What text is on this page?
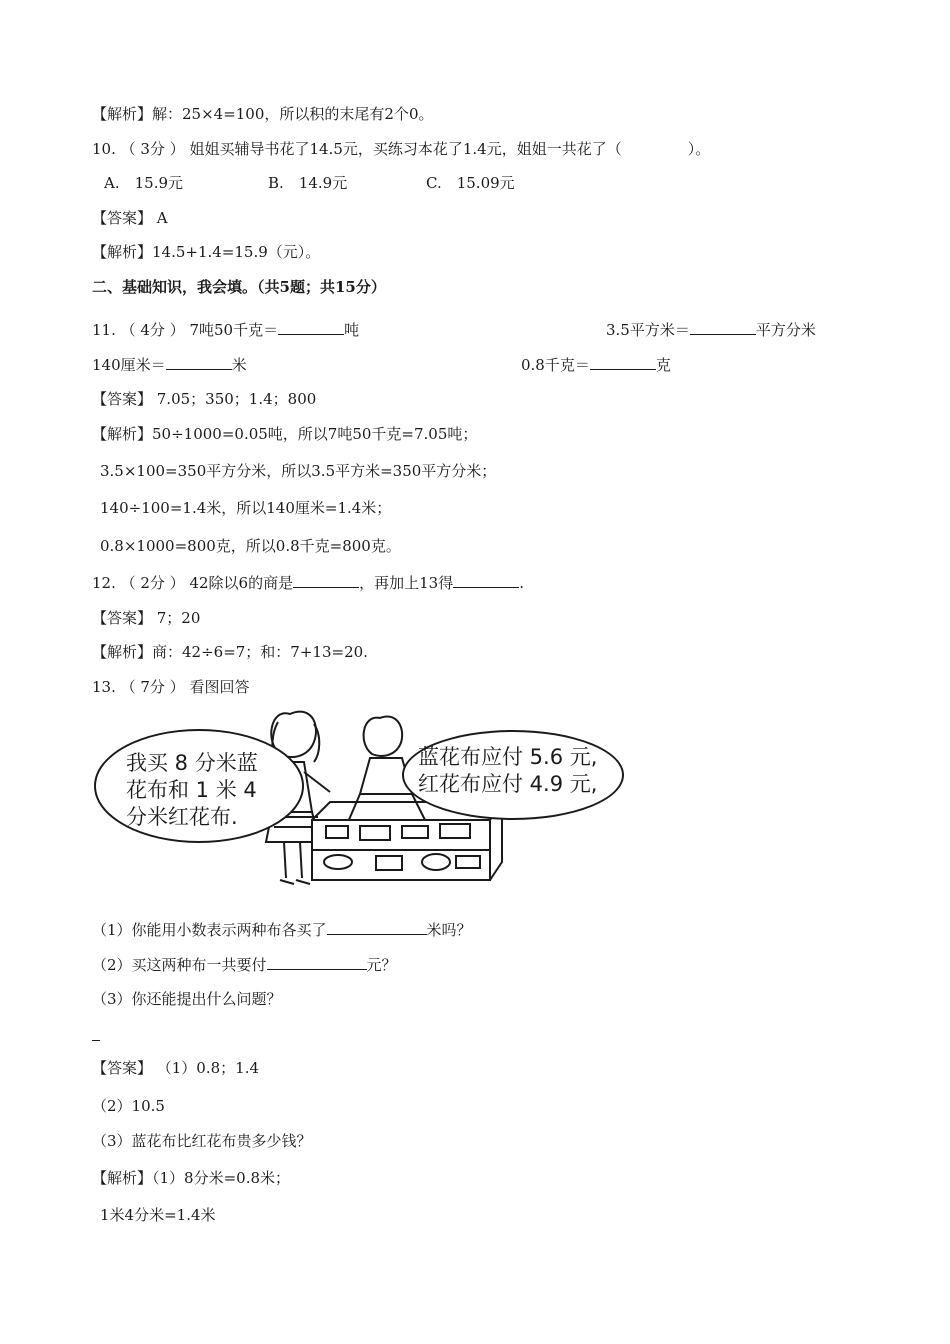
【解析】解：25×4=100，所以积的末尾有2个0。
10. （ 3分 ） 姐姐买辅导书花了14.5元，买练习本花了1.4元，姐姐一共花了（	）。
A.　15.9元	B.　14.9元	C.　15.09元
【答案】 A
【解析】14.5+1.4=15.9（元）。
二、基础知识，我会填。（共5题；共15分）
11. （ 4分 ） 7吨50千克＝	吨	3.5平方米＝	平方分米
140厘米＝	米	0.8千克＝	克
【答案】 7.05；350；1.4；800
【解析】50÷1000=0.05吨，所以7吨50千克=7.05吨；
3.5×100=350平方分米，所以3.5平方米=350平方分米；
140÷100=1.4米，所以140厘米=1.4米；
0.8×1000=800克，所以0.8千克=800克。
12. （ 2分 ） 42除以6的商是	，再加上13得	.
【答案】 7；20
【解析】商：42÷6=7；和：7+13=20.
13. （ 7分 ） 看图回答
我买 8 分米蓝
花布和 1 米 4
分米红花布.
蓝花布应付 5.6 元,
红花布应付 4.9 元,
（1）你能用小数表示两种布各买了	米吗？
（2）买这两种布一共要付	元？
（3）你还能提出什么问题？
【答案】 （1）0.8；1.4
（2）10.5
（3）蓝花布比红花布贵多少钱？
【解析】（1）8分米=0.8米；
1米4分米=1.4米
